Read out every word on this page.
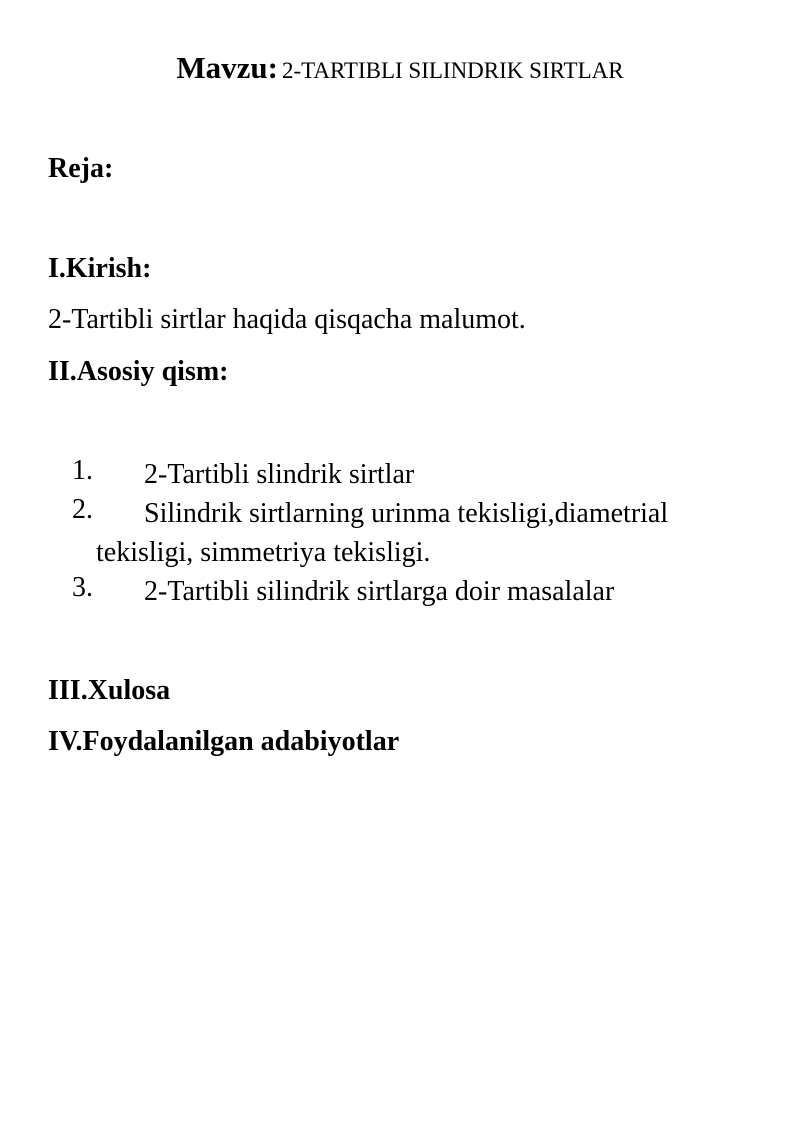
Mavzu: 2-TARTIBLI SILINDRIK SIRTLAR
Reja:
I.Kirish:
2-Tartibli sirtlar haqida qisqacha malumot.
II.Asosiy qism:
1.	2-Tartibli slindrik sirtlar
2.	Silindrik sirtlarning urinma tekisligi,diametrial tekisligi, simmetriya tekisligi.
3.	2-Tartibli silindrik sirtlarga doir masalalar
III.Xulosa
IV.Foydalanilgan adabiyotlar
